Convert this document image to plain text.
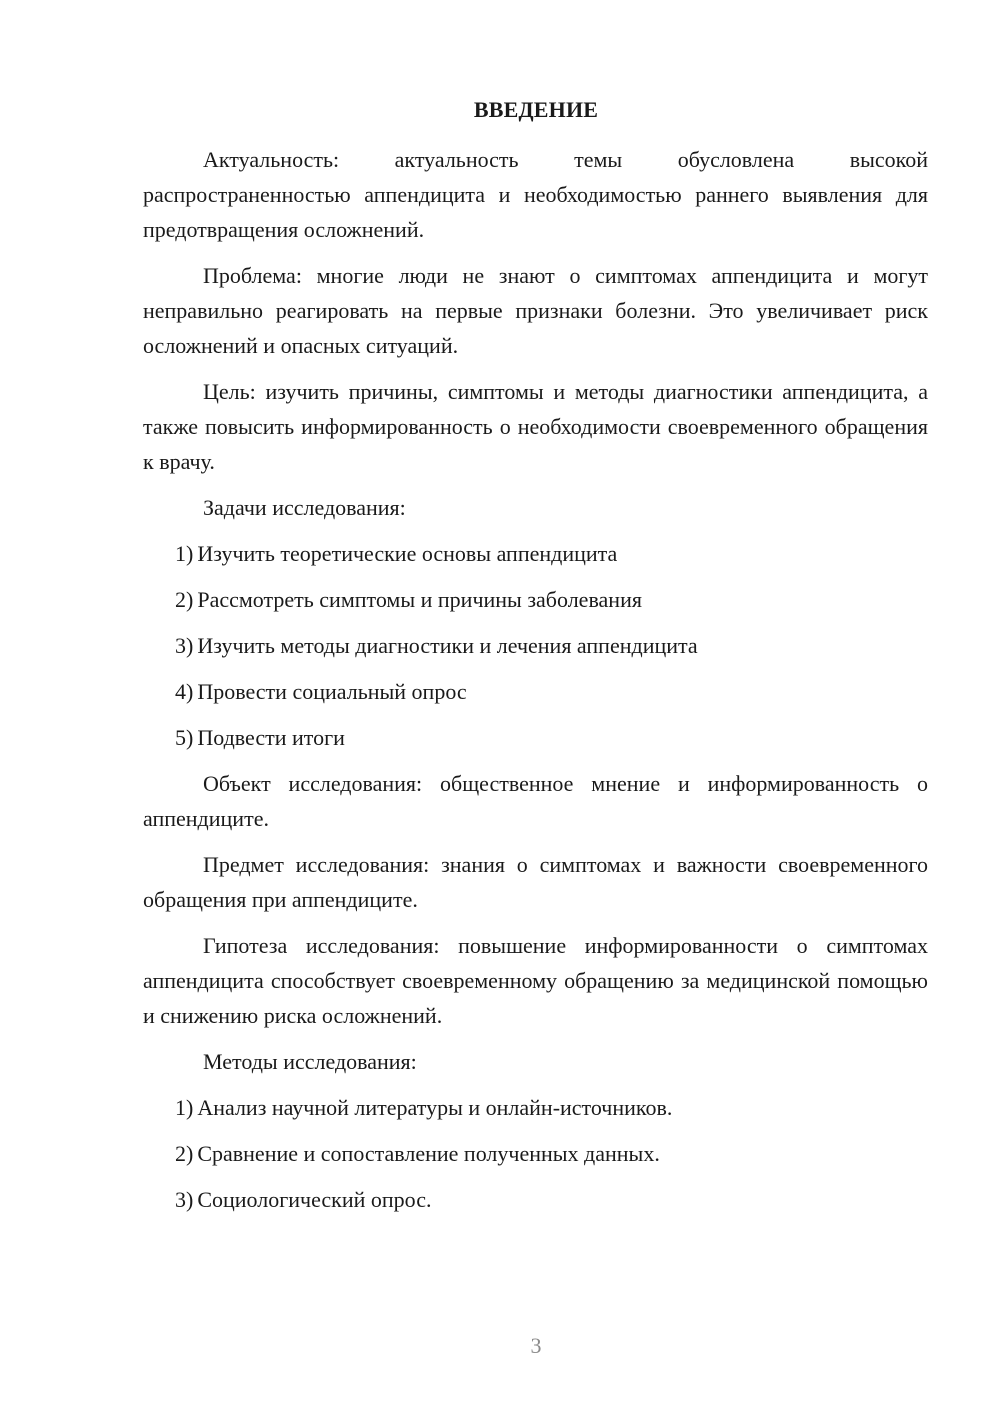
ВВЕДЕНИЕ

Актуальность: актуальность темы обусловлена высокой распространенностью аппендицита и необходимостью раннего выявления для предотвращения осложнений.

Проблема: многие люди не знают о симптомах аппендицита и могут неправильно реагировать на первые признаки болезни. Это увеличивает риск осложнений и опасных ситуаций.

Цель: изучить причины, симптомы и методы диагностики аппендицита, а также повысить информированность о необходимости своевременного обращения к врачу.

Задачи исследования:

1) Изучить теоретические основы аппендицита
2) Рассмотреть симптомы и причины заболевания
3) Изучить методы диагностики и лечения аппендицита
4) Провести социальный опрос
5) Подвести итоги

Объект исследования: общественное мнение и информированность о аппендиците.

Предмет исследования: знания о симптомах и важности своевременного обращения при аппендиците.

Гипотеза исследования: повышение информированности о симптомах аппендицита способствует своевременному обращению за медицинской помощью и снижению риска осложнений.

Методы исследования:

1) Анализ научной литературы и онлайн-источников.
2) Сравнение и сопоставление полученных данных.
3) Социологический опрос.
3
